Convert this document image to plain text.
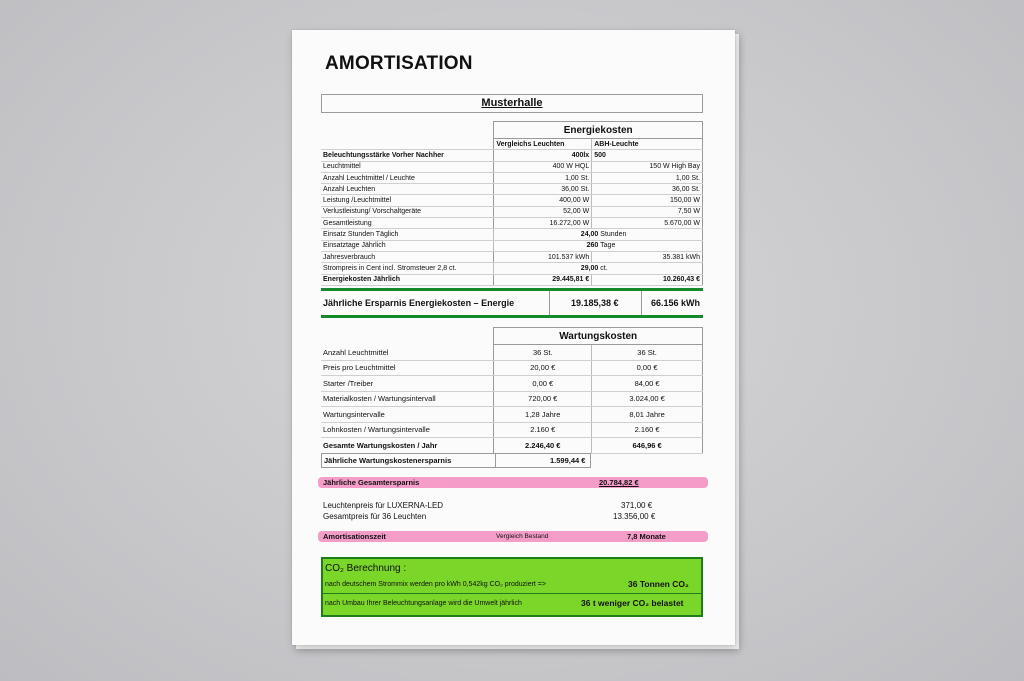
AMORTISATION
Musterhalle
	Energiekosten	
	Vergleichs Leuchten	ABH-Leuchte
Beleuchtungsstärke Vorher Nachher	400lx	500
Leuchtmittel	400 W HQL	150 W High Bay
Anzahl Leuchtmittel / Leuchte	1,00 St.	1,00 St.
Anzahl Leuchten	36,00 St.	36,00 St.
Leistung /Leuchtmittel	400,00 W	150,00 W
Verlustleistung/ Vorschaltgeräte	52,00 W	7,50 W
Gesamtleistung	16.272,00 W	5.670,00 W
Einsatz Stunden Täglich	24,00 Stunden	
Einsatztage Jährlich	260 Tage	
Jahresverbrauch	101.537 kWh	35.381 kWh
Strompreis in Cent incl. Stromsteuer 2,8 ct.	29,00 ct.	
Energiekosten Jährlich	29.445,81 €	10.260,43 €
Jährliche Ersparnis Energiekosten – Energie	19.185,38 €	66.156 kWh
	Wartungskosten	
Anzahl Leuchtmittel	36 St.	36 St.
Preis pro Leuchtmittel	20,00 €	0,00 €
Starter /Treiber	0,00 €	84,00 €
Materialkosten / Wartungsintervall	720,00 €	3.024,00 €
Wartungsintervalle	1,28 Jahre	8,01 Jahre
Lohnkosten / Wartungsintervalle	2.160 €	2.160 €
Gesamte Wartungskosten / Jahr	2.246,40 €	646,96 €
Jährliche Wartungskostenersparnis	1.599,44 €
Jährliche Gesamtersparnis	20.784,82 €
Leuchtenpreis für LUXERNA-LED	371,00 €
Gesamtpreis für 36 Leuchten	13.356,00 €
Amortisationszeit	Vergleich Bestand	7,8 Monate
CO₂ Berechnung :
nach deutschem Strommix werden pro kWh 0,542kg CO₂ produziert =>	36 Tonnen CO₂
nach Umbau Ihrer Beleuchtungsanlage wird die Umwelt jährlich	36 t weniger CO₂ belastet
